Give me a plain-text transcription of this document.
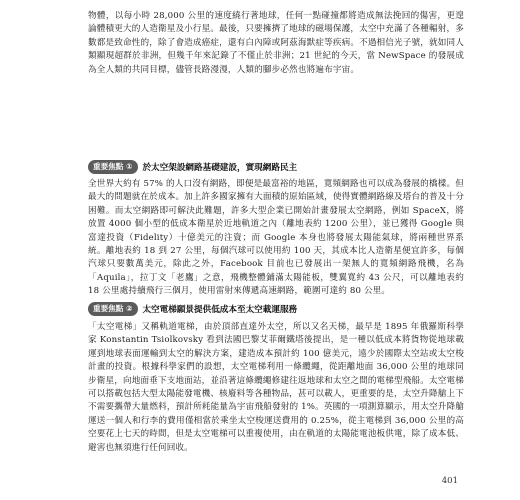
物體，以每小時 28,000 公里的速度繞行著地球，任何一點碰撞都將造成無法挽回的傷害，更遑論體積更大的人造衛星及小行星。最後，只要擁擠了地球的磁場保護，太空中充滿了各種輻射，多數都是致命性的，除了會造成癌症，還有白內障或阿茲海默症等疾病。不過相信光子號，就如同人類顯現超群於非洲，但幾千年來記錄了不僅止於非洲；21 世紀的今天，當 NewSpace 的發展成為全人類的共同目標，儘管長路漫漫，人類的腳步必然也將遍布宇宙。

重要焦點 ①	於太空架設網路基礎建設，實現網路民主

全世界大約有 57% 的人口沒有網路，即便是最富裕的地區，寬頻網路也可以成為發展的橋樑。但最大的問題就在於成本。加上許多國家擁有大面積的原始區域，使得實體網路線及塔台的普及十分困難。而太空網路即可解決此難題，許多大型企業已開始計畫發展太空網路，例如 SpaceX，將放置 4000 個小型的低成本衛星於近地軌道之內（離地表約 1200 公里），並已獲得 Google 與富達投資（Fidelity）十億美元的注資；而 Google 本身也將發展太陽能氣球，將兩種世界系統。離地表約 18 到 27 公里，每個汽球可以使用約 100 天，其成本比人造衛星便宜許多，每個汽球只要數萬美元，除此之外，Facebook 目前也已發展出一架無人的寬頻網路飛機，名為「Aquila」，拉丁文「老鷹」之意，飛機整體鋪滿太陽能板，雙翼寬約 43 公尺，可以離地表約 18 公里處持續飛行三個月，使用雷射來傳遞高速網路，範圍可達約 80 公里。

重要焦點 ②	太空電梯願景提供低成本至太空載運服務

「太空電梯」又稱軌道電梯，由於頂部直達外太空，所以又名天梯，最早是 1895 年俄羅斯科學家 Konstantin Tsiolkovsky 看到法國巴黎艾菲爾鐵塔後提出，是一種以低成本將貨物從地球載運到地球表面運輸到太空的解決方案，建造成本預計約 100 億美元，遠少於國際太空站或太空梭計畫的投資。根據科學家們的設想，太空電梯利用一條纜繩，從距離地面 36,000 公里的地球同步衛星，向地面垂下支地面站，並沿著這條纜繩修建往返地球和太空之間的電梯型飛船。太空電梯可以搭載包括大型太陽能發電機、核廢料等各種物品，甚可以載人，更重要的是，太空升降艙上下不需要攜帶大量燃料，預計所耗能量為宇宙飛船發射的 1%。英國的一項測算顯示，用太空升降艙運送一個人和行李的費用僅相當於乘坐太空梭運送費用的 0.25%，從主電梯到 36,000 公里的高空要花上七天的時間，但是太空電梯可以重複使用，由在軌道的太陽能電池板供電，除了成本低、避害也無須進行任何回收。

401
